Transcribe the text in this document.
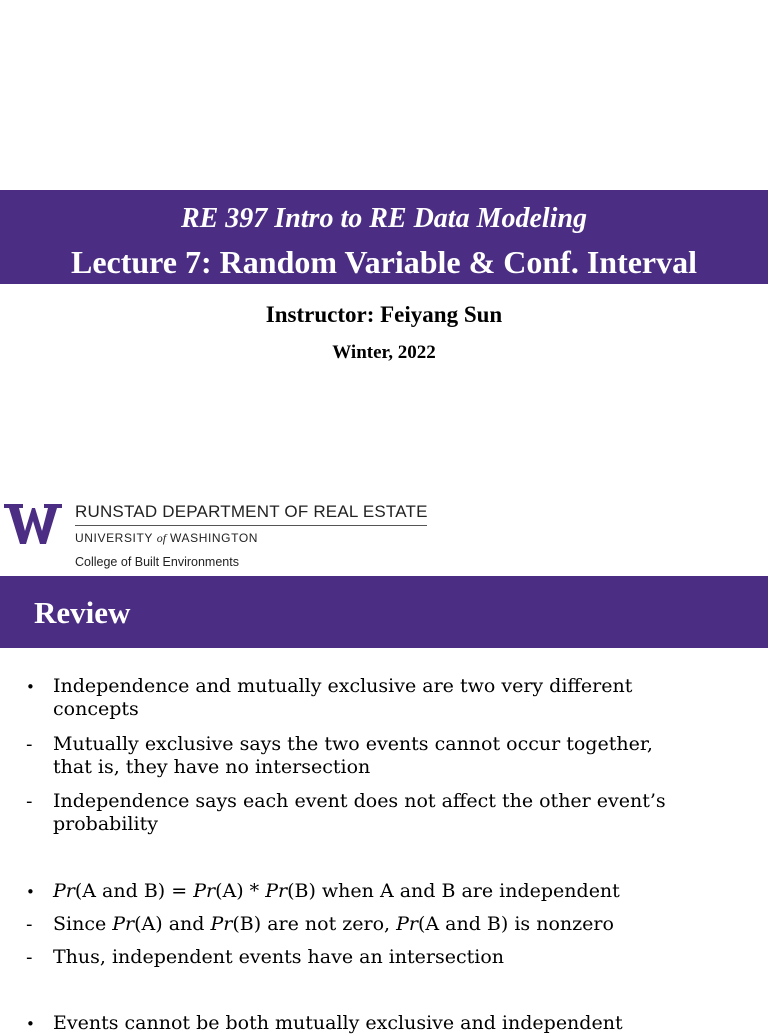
RE 397 Intro to RE Data Modeling
Lecture 7: Random Variable & Conf. Interval
Instructor: Feiyang Sun
Winter, 2022
RUNSTAD DEPARTMENT OF REAL ESTATE
UNIVERSITY of WASHINGTON
College of Built Environments
Review
• Independence and mutually exclusive are two very different concepts
-	Mutually exclusive says the two events cannot occur together, that is, they have no intersection
-	Independence says each event does not affect the other event’s probability
• Pr(A and B) = Pr(A) * Pr(B) when A and B are independent
-	Since Pr(A) and Pr(B) are not zero, Pr(A and B) is nonzero
-	Thus, independent events have an intersection
• Events cannot be both mutually exclusive and independent
